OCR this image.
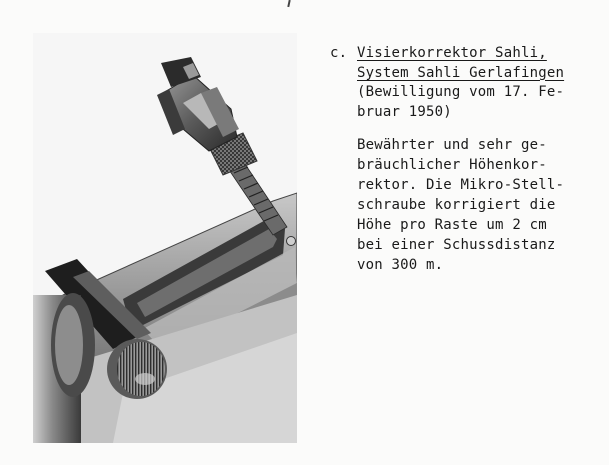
c. Visierkorrektor Sahli,
System Sahli Gerlafingen
(Bewilligung vom 17. Fe-
bruar 1950)
Bewährter und sehr ge-
bräuchlicher Höhenkor-
rektor. Die Mikro-Stell-
schraube korrigiert die
Höhe pro Raste um 2 cm
bei einer Schussdistanz
von 300 m.
